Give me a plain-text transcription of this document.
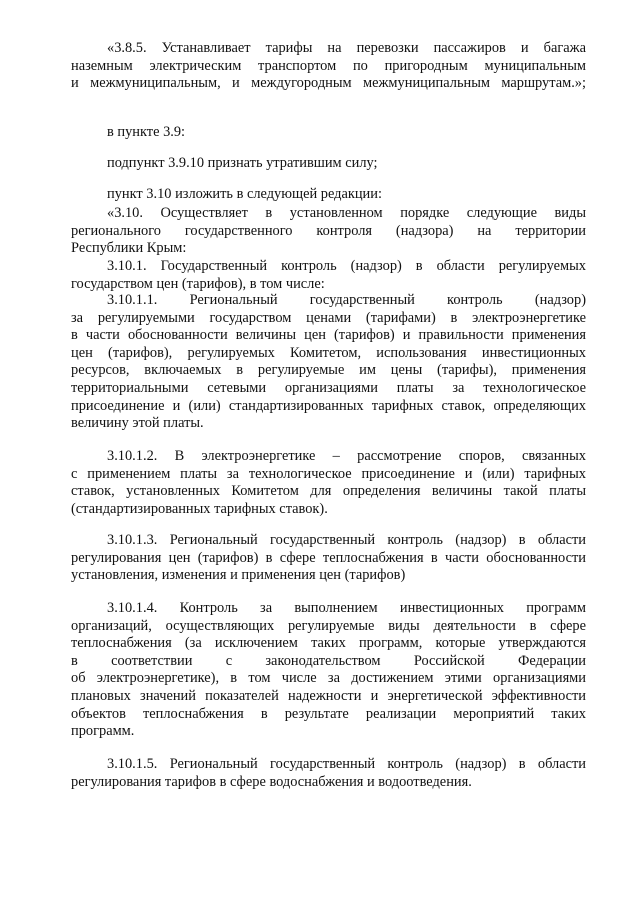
«3.8.5. Устанавливает тарифы на перевозки пассажиров и багажа
наземным электрическим транспортом по пригородным муниципальным
и межмуниципальным, и междугородным межмуниципальным маршрутам.»;
в пункте 3.9:
подпункт 3.9.10 признать утратившим силу;
пункт 3.10 изложить в следующей редакции:
«3.10. Осуществляет в установленном порядке следующие виды
регионального государственного контроля (надзора) на территории
Республики Крым:
3.10.1. Государственный контроль (надзор) в области регулируемых
государством цен (тарифов), в том числе:
3.10.1.1. Региональный государственный контроль (надзор)
за регулируемыми государством ценами (тарифами) в электроэнергетике
в части обоснованности величины цен (тарифов) и правильности применения
цен (тарифов), регулируемых Комитетом, использования инвестиционных
ресурсов, включаемых в регулируемые им цены (тарифы), применения
территориальными сетевыми организациями платы за технологическое
присоединение и (или) стандартизированных тарифных ставок, определяющих
величину этой платы.
3.10.1.2. В электроэнергетике – рассмотрение споров, связанных
с применением платы за технологическое присоединение и (или) тарифных
ставок, установленных Комитетом для определения величины такой платы
(стандартизированных тарифных ставок).
3.10.1.3. Региональный государственный контроль (надзор) в области
регулирования цен (тарифов) в сфере теплоснабжения в части обоснованности
установления, изменения и применения цен (тарифов)
3.10.1.4. Контроль за выполнением инвестиционных программ
организаций, осуществляющих регулируемые виды деятельности в сфере
теплоснабжения (за исключением таких программ, которые утверждаются
в соответствии с законодательством Российской Федерации
об электроэнергетике), в том числе за достижением этими организациями
плановых значений показателей надежности и энергетической эффективности
объектов теплоснабжения в результате реализации мероприятий таких
программ.
3.10.1.5. Региональный государственный контроль (надзор) в области
регулирования тарифов в сфере водоснабжения и водоотведения.
